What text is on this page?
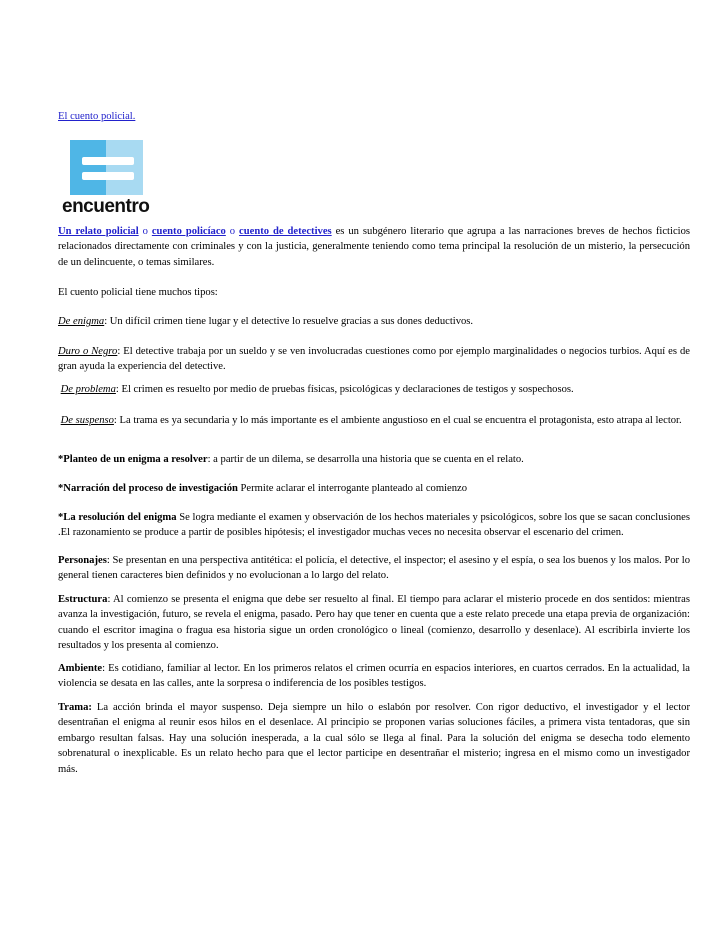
El cuento policial.
encuentro

Un relato policial o cuento policíaco o cuento de detectives es un subgénero literario que agrupa a las narraciones breves de hechos ficticios relacionados directamente con criminales y con la justicia, generalmente teniendo como tema principal la resolución de un misterio, la persecución de un delincuente, o temas similares.

El cuento policial tiene muchos tipos:

De enigma: Un difícil crimen tiene lugar y el detective lo resuelve gracias a sus dones deductivos.

Duro o Negro: El detective trabaja por un sueldo y se ven involucradas cuestiones como por ejemplo marginalidades o negocios turbios. Aquí es de gran ayuda la experiencia del detective.

De problema: El crimen es resuelto por medio de pruebas físicas, psicológicas y declaraciones de testigos y sospechosos.

De suspenso: La trama es ya secundaria y lo más importante es el ambiente angustioso en el cual se encuentra el protagonista, esto atrapa al lector.

*Planteo de un enigma a resolver: a partir de un dilema, se desarrolla una historia que se cuenta en el relato.

*Narración del proceso de investigación Permite aclarar el interrogante planteado al comienzo

*La resolución del enigma Se logra mediante el examen y observación de los hechos materiales y psicológicos, sobre los que se sacan conclusiones .El razonamiento se produce a partir de posibles hipótesis; el investigador muchas veces no necesita observar el escenario del crimen.

Personajes: Se presentan en una perspectiva antitética: el policía, el detective, el inspector; el asesino y el espía, o sea los buenos y los malos. Por lo general tienen caracteres bien definidos y no evolucionan a lo largo del relato.

Estructura: Al comienzo se presenta el enigma que debe ser resuelto al final. El tiempo para aclarar el misterio procede en dos sentidos: mientras avanza la investigación, futuro, se revela el enigma, pasado. Pero hay que tener en cuenta que a este relato precede una etapa previa de organización: cuando el escritor imagina o fragua esa historia sigue un orden cronológico o lineal (comienzo, desarrollo y desenlace). Al escribirla invierte los resultados y los presenta al comienzo.

Ambiente: Es cotidiano, familiar al lector. En los primeros relatos el crimen ocurría en espacios interiores, en cuartos cerrados. En la actualidad, la violencia se desata en las calles, ante la sorpresa o indiferencia de los posibles testigos.

Trama: La acción brinda el mayor suspenso. Deja siempre un hilo o eslabón por resolver. Con rigor deductivo, el investigador y el lector desentrañan el enigma al reunir esos hilos en el desenlace. Al principio se proponen varias soluciones fáciles, a primera vista tentadoras, que sin embargo resultan falsas. Hay una solución inesperada, a la cual sólo se llega al final. Para la solución del enigma se desecha todo elemento sobrenatural o inexplicable. Es un relato hecho para que el lector participe en desentrañar el misterio; ingresa en el mismo como un investigador más.
